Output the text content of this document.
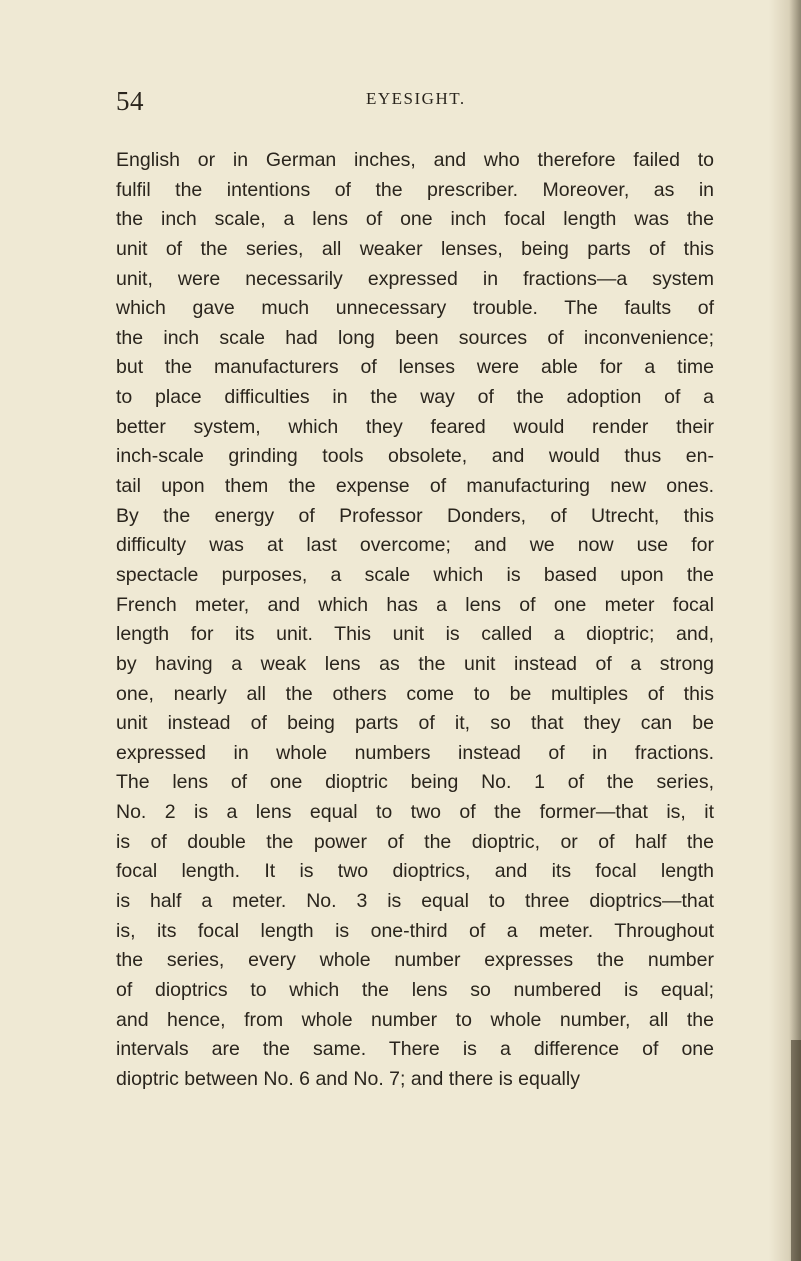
54	EYESIGHT.
English or in German inches, and who therefore failed to
fulfil the intentions of the prescriber. Moreover, as in
the inch scale, a lens of one inch focal length was the
unit of the series, all weaker lenses, being parts of this
unit, were necessarily expressed in fractions—a system
which gave much unnecessary trouble. The faults of
the inch scale had long been sources of inconvenience;
but the manufacturers of lenses were able for a time
to place difficulties in the way of the adoption of a
better system, which they feared would render their
inch-scale grinding tools obsolete, and would thus en-
tail upon them the expense of manufacturing new ones.
By the energy of Professor Donders, of Utrecht, this
difficulty was at last overcome; and we now use for
spectacle purposes, a scale which is based upon the
French meter, and which has a lens of one meter focal
length for its unit. This unit is called a dioptric; and,
by having a weak lens as the unit instead of a strong
one, nearly all the others come to be multiples of this
unit instead of being parts of it, so that they can be
expressed in whole numbers instead of in fractions.
The lens of one dioptric being No. 1 of the series,
No. 2 is a lens equal to two of the former—that is, it
is of double the power of the dioptric, or of half the
focal length. It is two dioptrics, and its focal length
is half a meter. No. 3 is equal to three dioptrics—that
is, its focal length is one-third of a meter. Throughout
the series, every whole number expresses the number
of dioptrics to which the lens so numbered is equal;
and hence, from whole number to whole number, all the
intervals are the same. There is a difference of one
dioptric between No. 6 and No. 7; and there is equally
